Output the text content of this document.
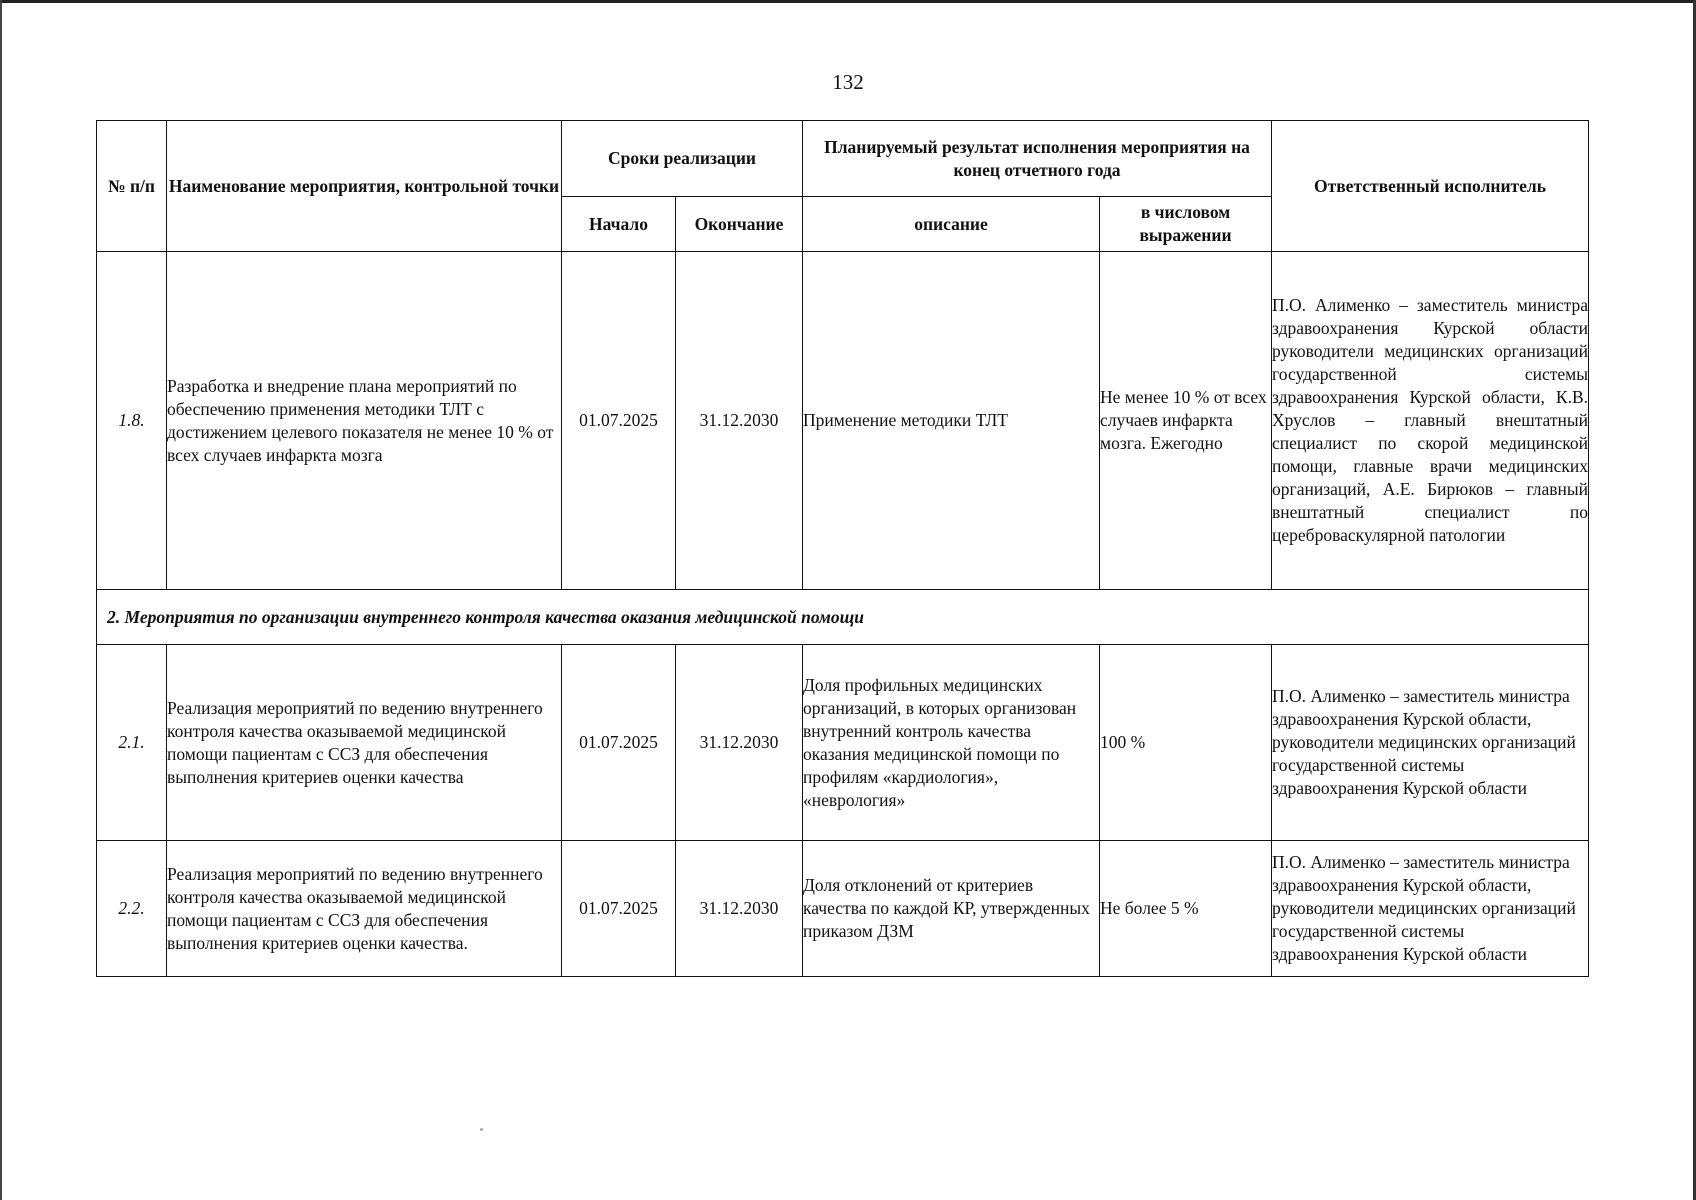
132
№ п/п	Наименование мероприятия, контрольной точки	Сроки реализации		Планируемый результат исполнения мероприятия на конец отчетного года		Ответственный исполнитель
		Начало	Окончание	описание	в числовом выражении	
1.8.	Разработка и внедрение плана мероприятий по обеспечению применения методики ТЛТ с достижением целевого показателя не менее 10 % от всех случаев инфаркта мозга	01.07.2025	31.12.2030	Применение методики ТЛТ	Не менее 10 % от всех случаев инфаркта мозга. Ежегодно	П.О. Алименко – заместитель министра здравоохранения Курской области руководители медицинских организаций государственной системы здравоохранения Курской области, К.В. Хруслов – главный внештатный специалист по скорой медицинской помощи, главные врачи медицинских организаций, А.Е. Бирюков – главный внештатный специалист по цереброваскулярной патологии
2. Мероприятия по организации внутреннего контроля качества оказания медицинской помощи						
2.1.	Реализация мероприятий по ведению внутреннего контроля качества оказываемой медицинской помощи пациентам с ССЗ для обеспечения выполнения критериев оценки качества	01.07.2025	31.12.2030	Доля профильных медицинских организаций, в которых организован внутренний контроль качества оказания медицинской помощи по профилям «кардиология», «неврология»	100 %	П.О. Алименко – заместитель министра здравоохранения Курской области, руководители медицинских организаций государственной системы здравоохранения Курской области
2.2.	Реализация мероприятий по ведению внутреннего контроля качества оказываемой медицинской помощи пациентам с ССЗ для обеспечения выполнения критериев оценки качества.	01.07.2025	31.12.2030	Доля отклонений от критериев качества по каждой КР, утвержденных приказом ДЗМ	Не более 5 %	П.О. Алименко – заместитель министра здравоохранения Курской области, руководители медицинских организаций государственной системы здравоохранения Курской области
